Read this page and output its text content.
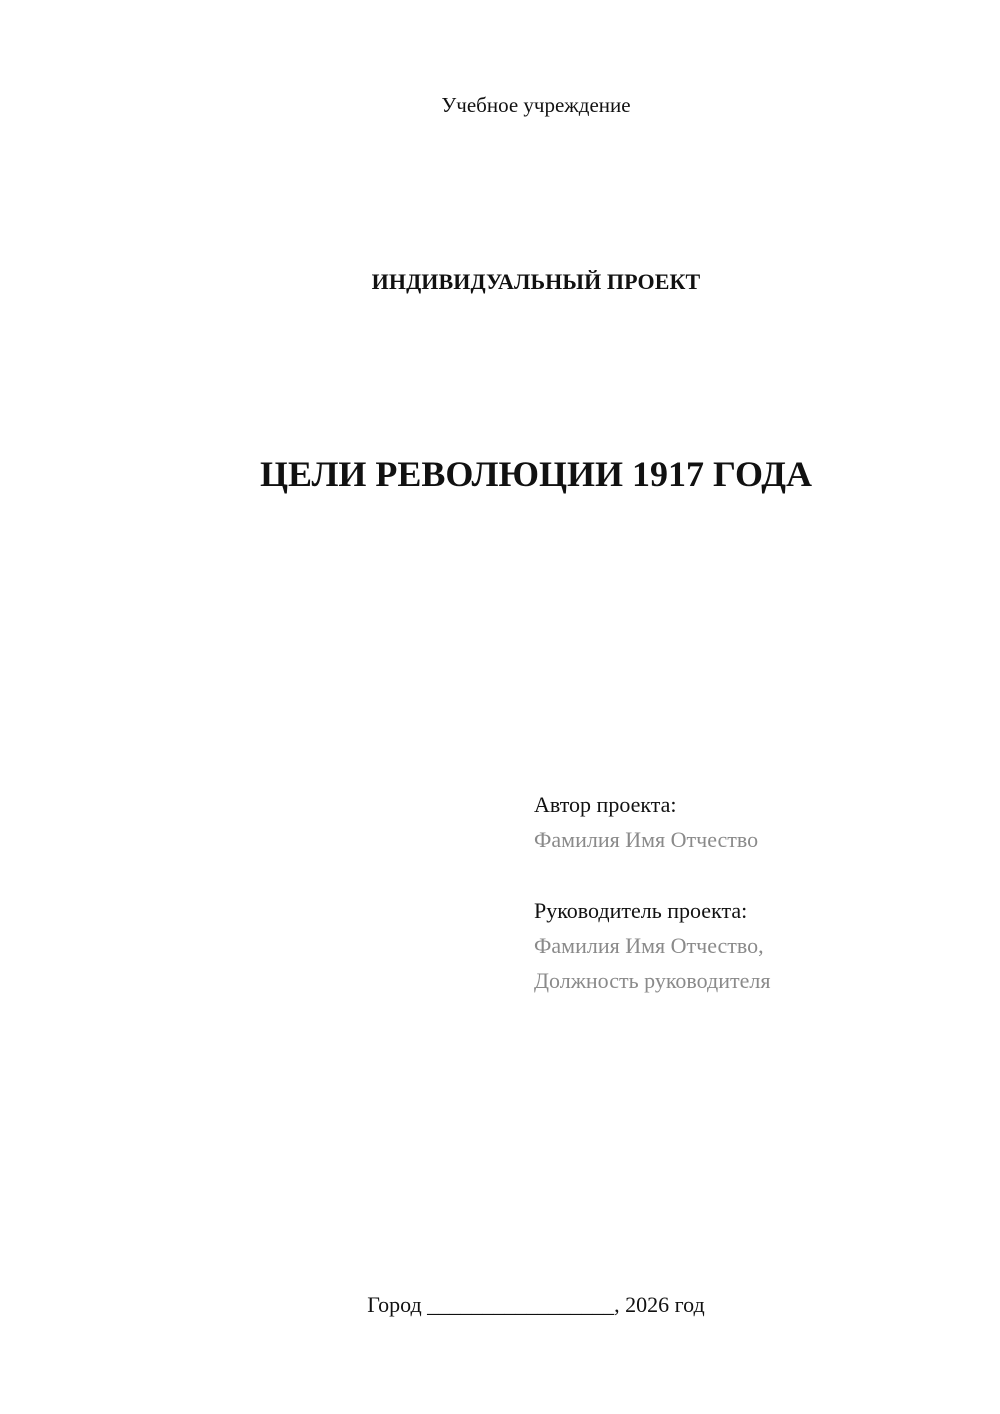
Учебное учреждение
ИНДИВИДУАЛЬНЫЙ ПРОЕКТ
ЦЕЛИ РЕВОЛЮЦИИ 1917 ГОДА
Автор проекта:
Фамилия Имя Отчество
Руководитель проекта:
Фамилия Имя Отчество,
Должность руководителя
Город _________________, 2026 год
